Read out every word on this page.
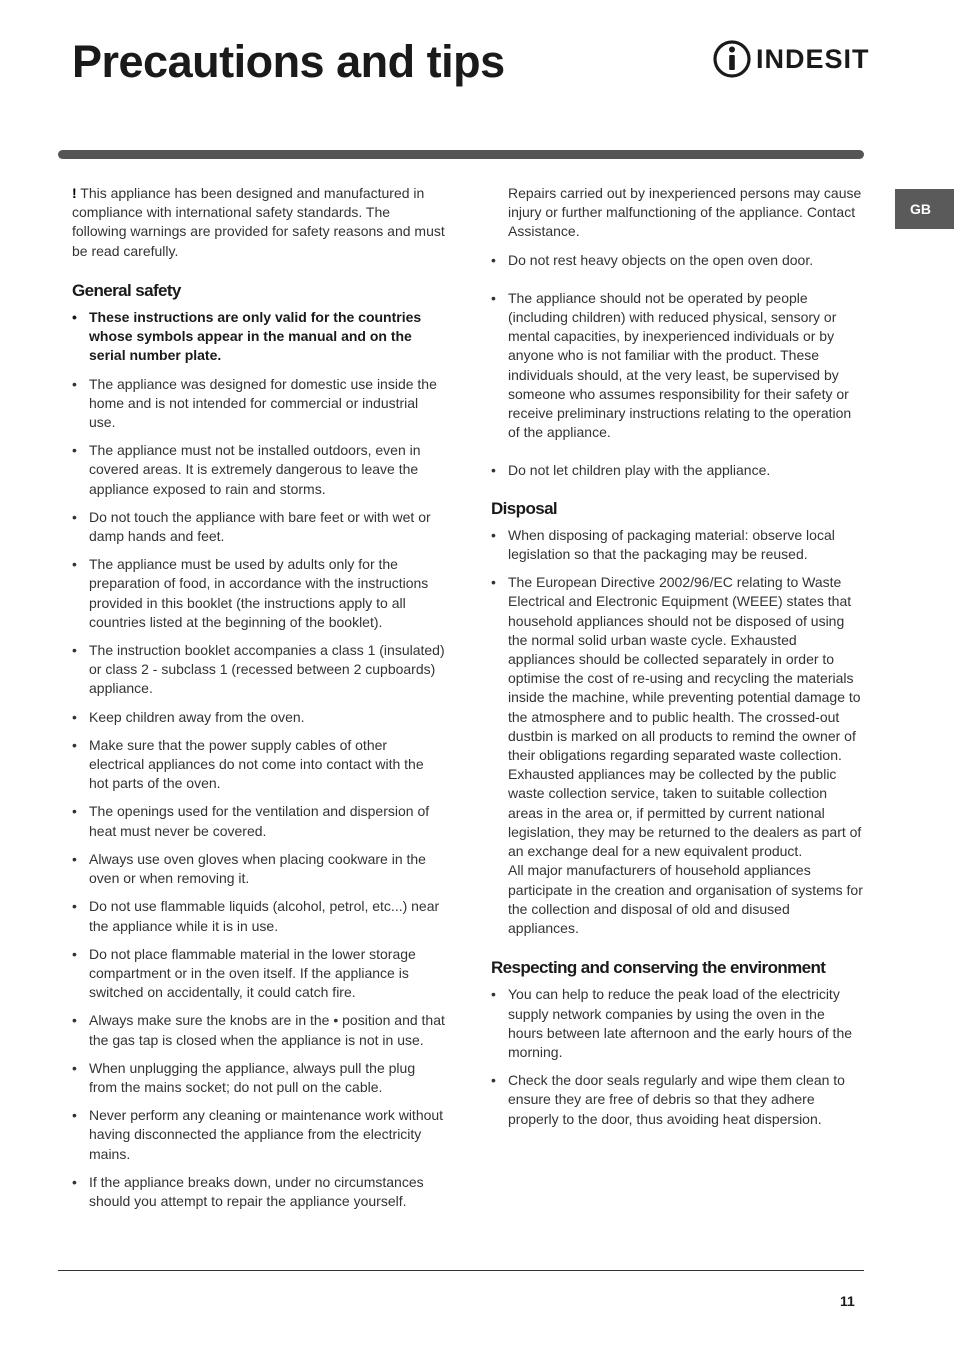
Precautions and tips	INDESIT
GB

! This appliance has been designed and manufactured in compliance with international safety standards. The following warnings are provided for safety reasons and must be read carefully.

General safety
• These instructions are only valid for the countries whose symbols appear in the manual and on the serial number plate.
• The appliance was designed for domestic use inside the home and is not intended for commercial or industrial use.
• The appliance must not be installed outdoors, even in covered areas. It is extremely dangerous to leave the appliance exposed to rain and storms.
• Do not touch the appliance with bare feet or with wet or damp hands and feet.
• The appliance must be used by adults only for the preparation of food, in accordance with the instructions provided in this booklet (the instructions apply to all countries listed at the beginning of the booklet).
• The instruction booklet accompanies a class 1 (insulated) or class 2 - subclass 1 (recessed between 2 cupboards) appliance.
• Keep children away from the oven.
• Make sure that the power supply cables of other electrical appliances do not come into contact with the hot parts of the oven.
• The openings used for the ventilation and dispersion of heat must never be covered.
• Always use oven gloves when placing cookware in the oven or when removing it.
• Do not use flammable liquids (alcohol, petrol, etc...) near the appliance while it is in use.
• Do not place flammable material in the lower storage compartment or in the oven itself. If the appliance is switched on accidentally, it could catch fire.
• Always make sure the knobs are in the • position and that the gas tap is closed when the appliance is not in use.
• When unplugging the appliance, always pull the plug from the mains socket; do not pull on the cable.
• Never perform any cleaning or maintenance work without having disconnected the appliance from the electricity mains.
• If the appliance breaks down, under no circumstances should you attempt to repair the appliance yourself.

Repairs carried out by inexperienced persons may cause injury or further malfunctioning of the appliance. Contact Assistance.

• Do not rest heavy objects on the open oven door.
• The appliance should not be operated by people (including children) with reduced physical, sensory or mental capacities, by inexperienced individuals or by anyone who is not familiar with the product. These individuals should, at the very least, be supervised by someone who assumes responsibility for their safety or receive preliminary instructions relating to the operation of the appliance.
• Do not let children play with the appliance.
Disposal
• When disposing of packaging material: observe local legislation so that the packaging may be reused.
• The European Directive 2002/96/EC relating to Waste Electrical and Electronic Equipment (WEEE) states that household appliances should not be disposed of using the normal solid urban waste cycle. Exhausted appliances should be collected separately in order to optimise the cost of re-using and recycling the materials inside the machine, while preventing potential damage to the atmosphere and to public health. The crossed-out dustbin is marked on all products to remind the owner of their obligations regarding separated waste collection.

Exhausted appliances may be collected by the public waste collection service, taken to suitable collection areas in the area or, if permitted by current national legislation, they may be returned to the dealers as part of an exchange deal for a new equivalent product.

All major manufacturers of household appliances participate in the creation and organisation of systems for the collection and disposal of old and disused appliances.

Respecting and conserving the environment
• You can help to reduce the peak load of the electricity supply network companies by using the oven in the hours between late afternoon and the early hours of the morning.
• Check the door seals regularly and wipe them clean to ensure they are free of debris so that they adhere properly to the door, thus avoiding heat dispersion.
11
